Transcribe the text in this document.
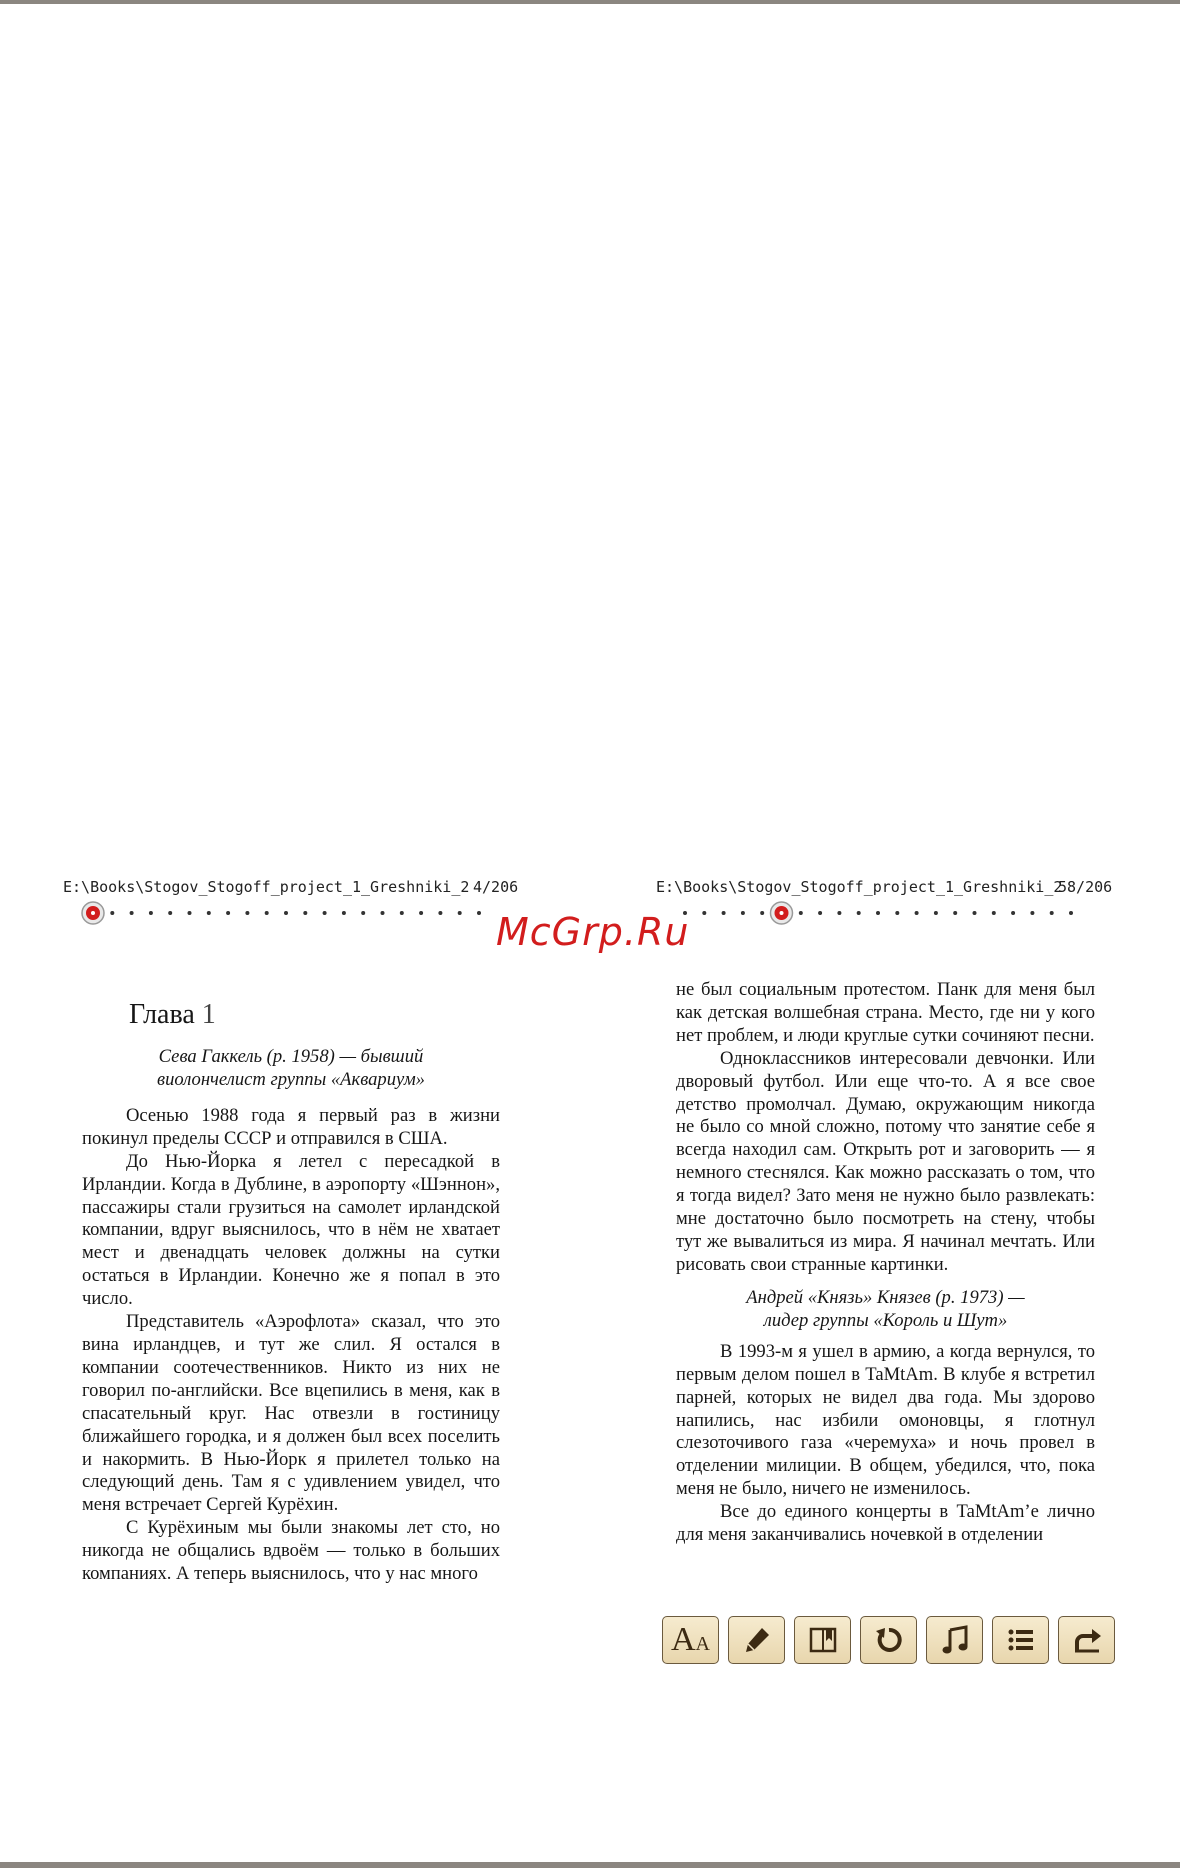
E:\Books\Stogov_Stogoff_project_1_Greshniki_2 4/206	E:\Books\Stogov_Stogoff_project_1_Greshniki_2
58/206
McGrp.Ru
Глава 1
Сева Гаккель (р. 1958) — бывший
виолончелист группы «Аквариум»

Осенью 1988 года я первый раз в жизни покинул пределы СССР и отправился в США.

До Нью-Йорка я летел с пересадкой в Ирландии. Когда в Дублине, в аэропорту «Шэннон», пассажиры стали грузиться на самолет ирландской компании, вдруг выяснилось, что в нём не хватает мест и двенадцать человек должны на сутки остаться в Ирландии. Конечно же я попал в это число.

Представитель «Аэрофлота» сказал, что это вина ирландцев, и тут же слил. Я остался в компании соотечественников. Никто из них не говорил по-английски. Все вцепились в меня, как в спасательный круг. Нас отвезли в гостиницу ближайшего городка, и я должен был всех поселить и накормить. В Нью-Йорк я прилетел только на следующий день. Там я с удивлением увидел, что меня встречает Сергей Курёхин.

С Курёхиным мы были знакомы лет сто, но никогда не общались вдвоём — только в больших компаниях. А теперь выяснилось, что у нас много

не был социальным протестом. Панк для меня был как детская волшебная страна. Место, где ни у кого нет проблем, и люди круглые сутки сочиняют песни.

Одноклассников интересовали девчонки. Или дворовый футбол. Или еще что-то. А я все свое детство промолчал. Думаю, окружающим никогда не было со мной сложно, потому что занятие себе я всегда находил сам. Открыть рот и заговорить — я немного стеснялся. Как можно рассказать о том, что я тогда видел? Зато меня не нужно было развлекать: мне достаточно было посмотреть на стену, чтобы тут же вывалиться из мира. Я начинал мечтать. Или рисовать свои странные картинки.

Андрей «Князь» Князев (р. 1973) —
лидер группы «Король и Шут»

В 1993-м я ушел в армию, а когда вернулся, то первым делом пошел в TaMtAm. В клубе я встретил парней, которых не видел два года. Мы здорово напились, нас избили омоновцы, я глотнул слезоточивого газа «черемуха» и ночь провел в отделении милиции. В общем, убедился, что, пока меня не было, ничего не изменилось.

Все до единого концерты в TaMtAm’е лично для меня заканчивались ночевкой в отделении

AA
